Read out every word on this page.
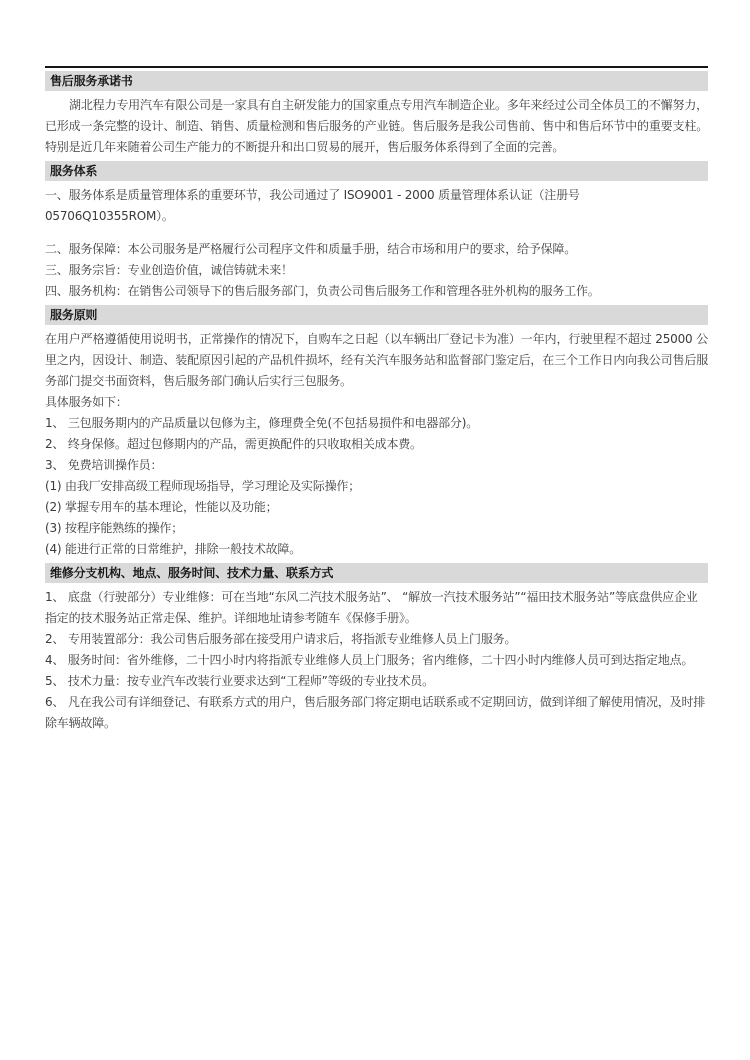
售后服务承诺书

湖北程力专用汽车有限公司是一家具有自主研发能力的国家重点专用汽车制造企业。多年来经过公司全体员工的不懈努力，已形成一条完整的设计、制造、销售、质量检测和售后服务的产业链。售后服务是我公司售前、售中和售后环节中的重要支柱。特别是近几年来随着公司生产能力的不断提升和出口贸易的展开，售后服务体系得到了全面的完善。

服务体系

一、服务体系是质量管理体系的重要环节，我公司通过了 ISO9001 - 2000 质量管理体系认证（注册号 05706Q10355ROM）。

二、服务保障：本公司服务是严格履行公司程序文件和质量手册，结合市场和用户的要求，给予保障。

三、服务宗旨：专业创造价值，诚信铸就未来！

四、服务机构：在销售公司领导下的售后服务部门，负责公司售后服务工作和管理各驻外机构的服务工作。

服务原则

在用户严格遵循使用说明书，正常操作的情况下，自购车之日起（以车辆出厂登记卡为准）一年内，行驶里程不超过 25000 公里之内，因设计、制造、装配原因引起的产品机件损坏，经有关汽车服务站和监督部门鉴定后，在三个工作日内向我公司售后服务部门提交书面资料，售后服务部门确认后实行三包服务。

具体服务如下：

1、 三包服务期内的产品质量以包修为主，修理费全免(不包括易损件和电器部分)。

2、 终身保修。超过包修期内的产品，需更换配件的只收取相关成本费。

3、 免费培训操作员：

(1) 由我厂安排高级工程师现场指导，学习理论及实际操作；

(2) 掌握专用车的基本理论，性能以及功能；

(3) 按程序能熟练的操作；

(4) 能进行正常的日常维护，排除一般技术故障。

维修分支机构、地点、服务时间、技术力量、联系方式

1、 底盘（行驶部分）专业维修：可在当地“东风二汽技术服务站”、 “解放一汽技术服务站”“福田技术服务站”等底盘供应企业指定的技术服务站正常走保、维护。详细地址请参考随车《保修手册》。

2、 专用装置部分：我公司售后服务部在接受用户请求后，将指派专业维修人员上门服务。

4、 服务时间：省外维修，二十四小时内将指派专业维修人员上门服务；省内维修，二十四小时内维修人员可到达指定地点。

5、 技术力量：按专业汽车改装行业要求达到“工程师”等级的专业技术员。

6、 凡在我公司有详细登记、有联系方式的用户，售后服务部门将定期电话联系或不定期回访，做到详细了解使用情况，及时排除车辆故障。
